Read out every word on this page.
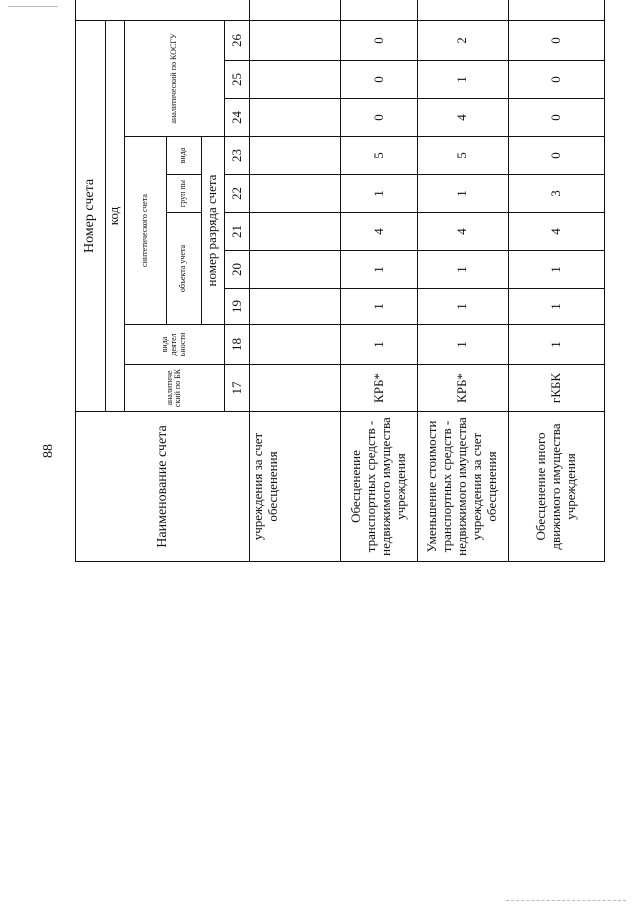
88	Наименование счета	Номер счета	
	код										
	аналитиче ский по БК	вида деятел ьности	синтетического счета					аналитический по КОСГУ			
			объекта учета			груп пы	вида				
			номер разряда счета								
	17	18	19	20	21	22	23	24	25	26	
учреждения за счет обесценения											
Обесценение транспортных средств - недвижимого имущества учреждения	КРБ*	1	1	1	4	1	5	0	0	0	
Уменьшение стоимости транспортных средств - недвижимого имущества учреждения за счет обесценения	КРБ*	1	1	1	4	1	5	4	1	2	
Обесценение иного движимого имущества учреждения	гКБК	1	1	1	4	3	0	0	0	0	
